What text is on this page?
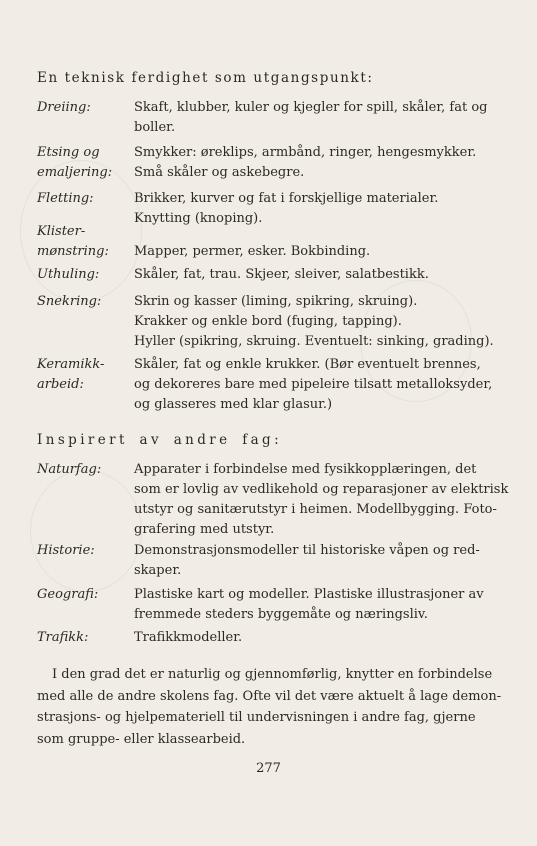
En teknisk ferdighet som utgangspunkt:
Dreiing:	Skaft, klubber, kuler og kjegler for spill, skåler, fat og
boller.
Etsing og
emaljering:
Smykker: øreklips, armbånd, ringer, hengesmykker.
Små skåler og askebegre.
Fletting:	Brikker, kurver og fat i forskjellige materialer.
Knytting (knoping).
Klister-
mønstring:
	Mapper, permer, esker. Bokbinding.
Uthuling:	Skåler, fat, trau. Skjeer, sleiver, salatbestikk.
Snekring:	Skrin og kasser (liming, spikring, skruing).
Krakker og enkle bord (fuging, tapping).
Hyller (spikring, skruing. Eventuelt: sinking, grading).
Keramikk-
arbeid:
Skåler, fat og enkle krukker. (Bør eventuelt brennes,
og dekoreres bare med pipeleire tilsatt metalloksyder,
og glasseres med klar glasur.)
Inspirert av andre fag:
Naturfag:	Apparater i forbindelse med fysikkopplæringen, det
som er lovlig av vedlikehold og reparasjoner av elektrisk
utstyr og sanitærutstyr i heimen. Modellbygging. Foto-
grafering med utstyr.
Historie:	Demonstrasjonsmodeller til historiske våpen og red-
skaper.
Geografi:	Plastiske kart og modeller. Plastiske illustrasjoner av
fremmede steders byggemåte og næringsliv.
Trafikk:	Trafikkmodeller.
I den grad det er naturlig og gjennomførlig, knytter en forbindelse
med alle de andre skolens fag. Ofte vil det være aktuelt å lage demon-
strasjons- og hjelpemateriell til undervisningen i andre fag, gjerne
som gruppe- eller klassearbeid.
277
